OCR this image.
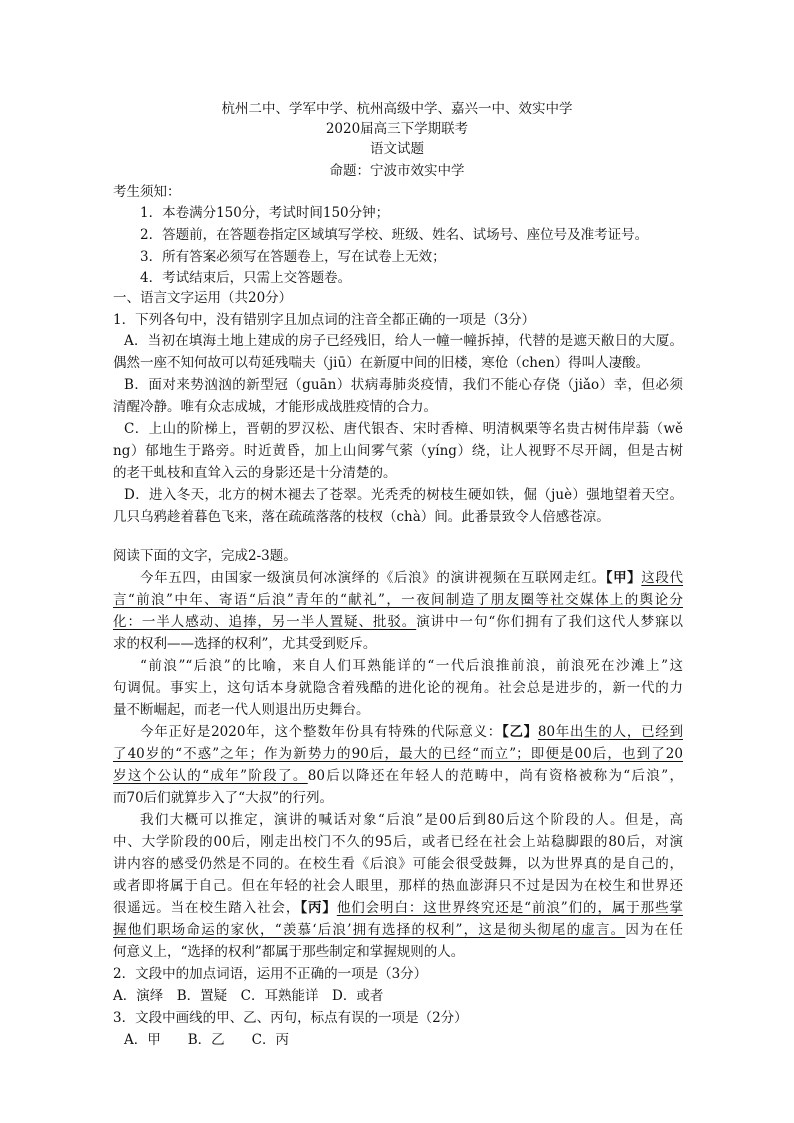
杭州二中、学军中学、杭州高级中学、嘉兴一中、效实中学
2020届高三下学期联考
语文试题
命题：宁波市效实中学
考生须知：
1．本卷满分150分，考试时间150分钟；
2．答题前，在答题卷指定区域填写学校、班级、姓名、试场号、座位号及准考证号。
3．所有答案必须写在答题卷上，写在试卷上无效；
4．考试结束后，只需上交答题卷。
一、语言文字运用（共20分）
1．下列各句中，没有错别字且加点词的注音全都正确的一项是（3分）
A．当初在填海土地上建成的房子已经残旧，给人一幢一幢拆掉，代替的是遮天敝日的大厦。
偶然一座不知何故可以苟延残喘夫（jiū）在新厦中间的旧楼，寒伧（chen）得叫人凄酸。
B．面对来势汹汹的新型冠（guān）状病毒肺炎疫情，我们不能心存侥（jiǎo）幸，但必须
清醒冷静。唯有众志成城，才能形成战胜疫情的合力。
C．上山的阶梯上，晋朝的罗汉松、唐代银杏、宋时香樟、明清枫栗等名贵古树伟岸蓊（wě
ng）郁地生于路旁。时近黄昏，加上山间雾气萦（yíng）绕，让人视野不尽开阔，但是古树
的老干虬枝和直耸入云的身影还是十分清楚的。
D．进入冬天，北方的树木褪去了苍翠。光秃秃的树枝生硬如铁，倔（juè）强地望着天空。
几只乌鸦趁着暮色飞来，落在疏疏落落的枝杈（chà）间。此番景致令人倍感苍凉。
阅读下面的文字，完成2-3题。
今年五四，由国家一级演员何冰演绎的《后浪》的演讲视频在互联网走红。【甲】这段代
言“前浪”中年、寄语“后浪”青年的“献礼”，一夜间制造了朋友圈等社交媒体上的舆论分
化：一半人感动、追捧，另一半人置疑、批驳。演讲中一句“你们拥有了我们这代人梦寐以
求的权利——选择的权利”，尤其受到贬斥。
“前浪”“后浪”的比喻，来自人们耳熟能详的“一代后浪推前浪，前浪死在沙滩上”这
句调侃。事实上，这句话本身就隐含着残酷的进化论的视角。社会总是进步的，新一代的力
量不断崛起，而老一代人则退出历史舞台。
今年正好是2020年，这个整数年份具有特殊的代际意义：【乙】80年出生的人，已经到
了40岁的“不惑”之年；作为新势力的90后，最大的已经“而立”；即便是00后，也到了20
岁这个公认的“成年”阶段了。80后以降还在年轻人的范畴中，尚有资格被称为“后浪”，
而70后们就算步入了“大叔”的行列。
我们大概可以推定，演讲的喊话对象“后浪”是00后到80后这个阶段的人。但是，高
中、大学阶段的00后，刚走出校门不久的95后，或者已经在社会上站稳脚跟的80后，对演
讲内容的感受仍然是不同的。在校生看《后浪》可能会很受鼓舞，以为世界真的是自己的，
或者即将属于自己。但在年轻的社会人眼里，那样的热血澎湃只不过是因为在校生和世界还
很遥远。当在校生踏入社会，【丙】他们会明白：这世界终究还是“前浪”们的，属于那些掌
握他们职场命运的家伙，“羡慕‘后浪’拥有选择的权利”，这是彻头彻尾的虚言。因为在任
何意义上，“选择的权利”都属于那些制定和掌握规则的人。
2．文段中的加点词语，运用不正确的一项是（3分）
A．演绎　B．置疑　C．耳熟能详　D．或者
3．文段中画线的甲、乙、丙句，标点有误的一项是（2分）
A．甲　　B．乙　　C．丙
